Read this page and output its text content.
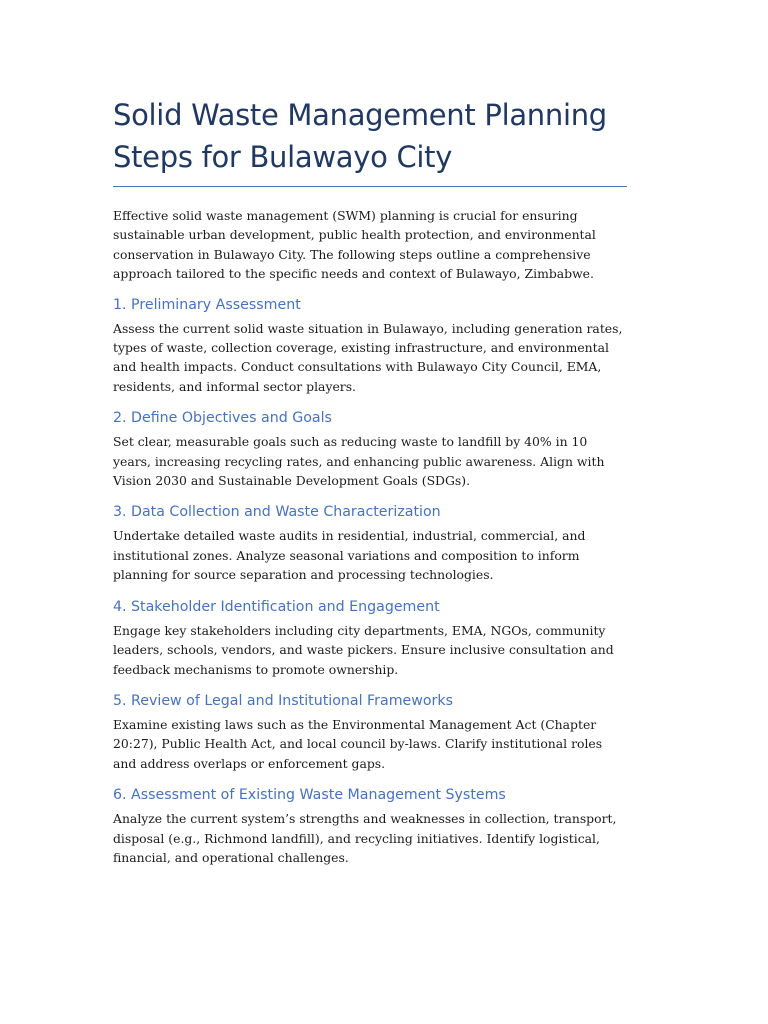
Solid Waste Management Planning
Steps for Bulawayo City

Effective solid waste management (SWM) planning is crucial for ensuring sustainable urban development, public health protection, and environmental conservation in Bulawayo City. The following steps outline a comprehensive approach tailored to the specific needs and context of Bulawayo, Zimbabwe.

1. Preliminary Assessment

Assess the current solid waste situation in Bulawayo, including generation rates, types of waste, collection coverage, existing infrastructure, and environmental and health impacts. Conduct consultations with Bulawayo City Council, EMA, residents, and informal sector players.

2. Define Objectives and Goals

Set clear, measurable goals such as reducing waste to landfill by 40% in 10 years, increasing recycling rates, and enhancing public awareness. Align with Vision 2030 and Sustainable Development Goals (SDGs).

3. Data Collection and Waste Characterization

Undertake detailed waste audits in residential, industrial, commercial, and institutional zones. Analyze seasonal variations and composition to inform planning for source separation and processing technologies.

4. Stakeholder Identification and Engagement

Engage key stakeholders including city departments, EMA, NGOs, community leaders, schools, vendors, and waste pickers. Ensure inclusive consultation and feedback mechanisms to promote ownership.

5. Review of Legal and Institutional Frameworks

Examine existing laws such as the Environmental Management Act (Chapter 20:27), Public Health Act, and local council by-laws. Clarify institutional roles and address overlaps or enforcement gaps.

6. Assessment of Existing Waste Management Systems

Analyze the current system’s strengths and weaknesses in collection, transport, disposal (e.g., Richmond landfill), and recycling initiatives. Identify logistical, financial, and operational challenges.
